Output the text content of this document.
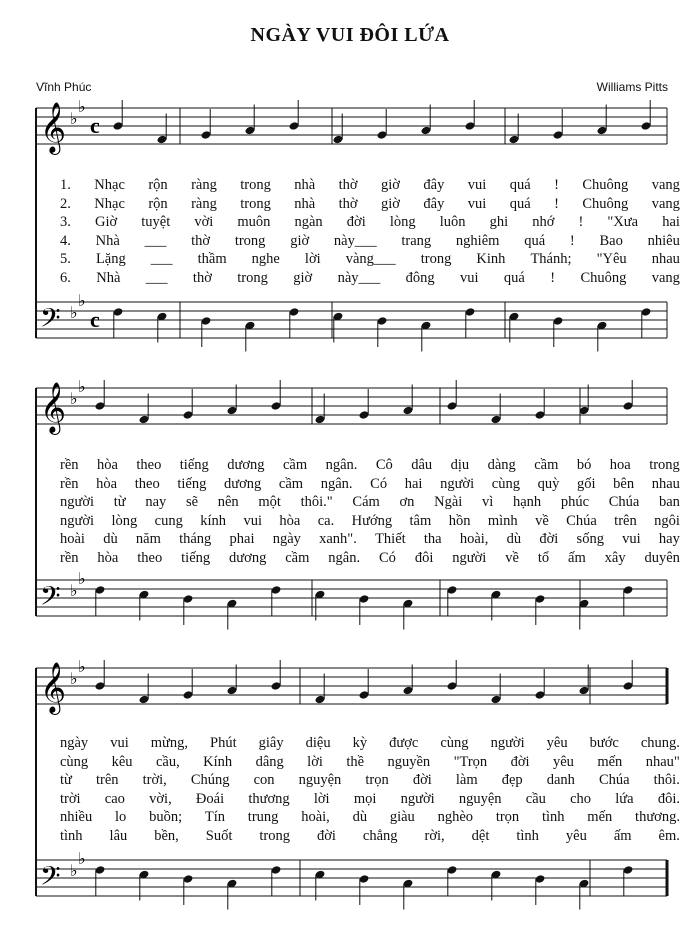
NGÀY VUI ĐÔI LỨA
Vĩnh Phúc	Williams Pitts
𝄞 ♭
♭
c
𝄢 ♭
♭
c
𝄞 ♭
♭
𝄢 ♭
♭
𝄞 ♭
♭
𝄢 ♭
♭
1. Nhạc rộn ràng trong nhà thờ giờ đây vui quá ! Chuông vang
2. Nhạc rộn ràng trong nhà thờ giờ đây vui quá ! Chuông vang
3. Giờ tuyệt vời muôn ngàn đời lòng luôn ghi nhớ ! "Xưa hai
4. Nhà ___ thờ trong giờ này___ trang nghiêm quá ! Bao nhiêu
5. Lặng ___ thầm nghe lời vàng___ trong Kinh Thánh; "Yêu nhau
6. Nhà ___ thờ trong giờ này___ đông vui quá ! Chuông vang
rền hòa theo tiếng dương cầm ngân. Cô dâu dịu dàng cầm bó hoa trong
rền hòa theo tiếng dương cầm ngân. Có hai người cùng quỳ gối bên nhau
người từ nay sẽ nên một thôi." Cám ơn Ngài vì hạnh phúc Chúa ban
người lòng cung kính vui hòa ca. Hướng tâm hồn mình về Chúa trên ngôi
hoài dù năm tháng phai ngày xanh". Thiết tha hoài, dù đời sống vui hay
rền hòa theo tiếng dương cầm ngân. Có đôi người về tổ ấm xây duyên
ngày vui mừng, Phút giây diệu kỳ được cùng người yêu bước chung.
cùng kêu cầu, Kính dâng lời thề nguyền "Trọn đời yêu mến nhau"
từ trên trời, Chúng con nguyện trọn đời làm đẹp danh Chúa thôi.
trời cao vời, Đoái thương lời mọi người nguyện cầu cho lứa đôi.
nhiều lo buồn; Tín trung hoài, dù giàu nghèo trọn tình mến thương.
tình lâu bền, Suốt trong đời chẳng rời, dệt tình yêu ấm êm.
